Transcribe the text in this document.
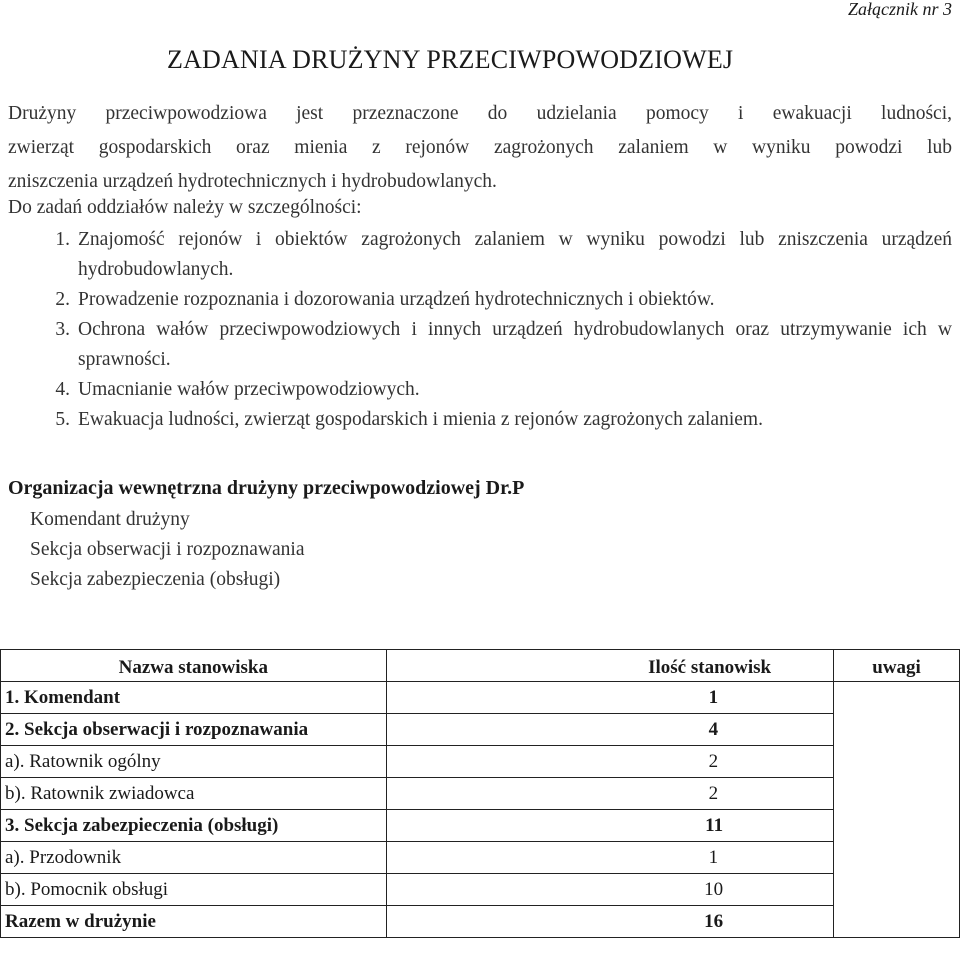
Załącznik nr 3
ZADANIA DRUŻYNY PRZECIWPOWODZIOWEJ
Drużyny przeciwpowodziowa jest przeznaczone do udzielania pomocy i ewakuacji ludności,
zwierząt gospodarskich oraz mienia z rejonów zagrożonych zalaniem w wyniku powodzi lub
zniszczenia urządzeń hydrotechnicznych i hydrobudowlanych.
Do zadań oddziałów należy w szczególności:
1. Znajomość rejonów i obiektów zagrożonych zalaniem w wyniku powodzi lub zniszczenia urządzeń hydrobudowlanych.
2. Prowadzenie rozpoznania i dozorowania urządzeń hydrotechnicznych i obiektów.
3. Ochrona wałów przeciwpowodziowych i innych urządzeń hydrobudowlanych oraz utrzymywanie ich w sprawności.
4. Umacnianie wałów przeciwpowodziowych.
5. Ewakuacja ludności, zwierząt gospodarskich i mienia z rejonów zagrożonych zalaniem.
Organizacja wewnętrzna drużyny przeciwpowodziowej Dr.P
Komendant drużyny
Sekcja obserwacji i rozpoznawania
Sekcja zabezpieczenia (obsługi)
Nazwa stanowiska	Ilość stanowisk	uwagi
1. Komendant	1	
2. Sekcja obserwacji i rozpoznawania	4	
a). Ratownik ogólny	2	
b). Ratownik zwiadowca	2	
3. Sekcja zabezpieczenia (obsługi)	11	
a). Przodownik	1	
b). Pomocnik obsługi	10	
Razem w drużynie	16	
